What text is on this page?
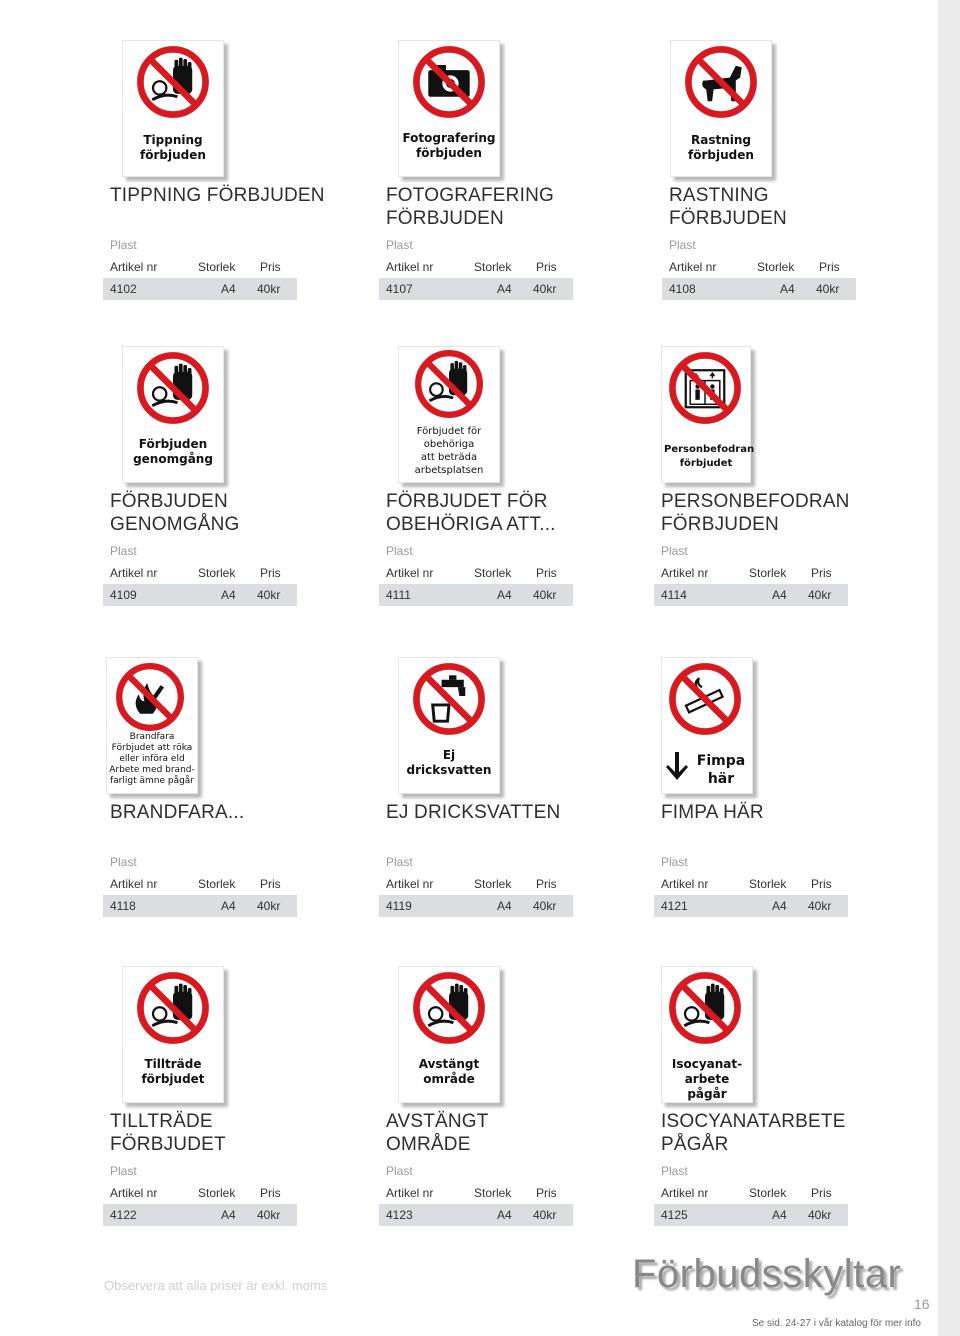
Tippning
förbjuden
TIPPNING FÖRBJUDEN
Plast
Artikel nr	Storlek Pris
4102	A4 40kr
Fotografering
förbjuden
FOTOGRAFERING
FÖRBJUDEN
Plast
Artikel nr	Storlek Pris
4107	A4 40kr
Rastning
förbjuden
RASTNING
FÖRBJUDEN
Plast
Artikel nr	Storlek Pris
4108	A4 40kr
Förbjuden
genomgång
FÖRBJUDEN
GENOMGÅNG
Plast
Artikel nr	Storlek Pris
4109	A4 40kr
Förbjudet för
obehöriga
att beträda
arbetsplatsen
FÖRBJUDET FÖR
OBEHÖRIGA ATT...
Plast
Artikel nr	Storlek Pris
4111	A4 40kr
Personbefodran
förbjudet
PERSONBEFODRAN
FÖRBJUDEN
Plast
Artikel nr	Storlek Pris
4114	A4 40kr
Brandfara
Förbjudet att röka
eller införa eld
Arbete med brand-
farligt ämne pågår
BRANDFARA...
Plast
Artikel nr	Storlek Pris
4118	A4 40kr
Ej
dricksvatten
EJ DRICKSVATTEN
Plast
Artikel nr	Storlek Pris
4119	A4 40kr
Fimpa
här
FIMPA HÄR
Plast
Artikel nr	Storlek Pris
4121	A4 40kr
Tillträde
förbjudet
TILLTRÄDE
FÖRBJUDET
Plast
Artikel nr	Storlek Pris
4122	A4 40kr
Avstängt
område
AVSTÄNGT
OMRÅDE
Plast
Artikel nr	Storlek Pris
4123	A4 40kr
Isocyanat-
arbete pågår
ISOCYANATARBETE
PÅGÅR
Plast
Artikel nr	Storlek Pris
4125	A4 40kr
Observera att alla priser är exkl. moms	Förbudsskyltar
16
Se sid. 24-27 i vår katalog för mer info
